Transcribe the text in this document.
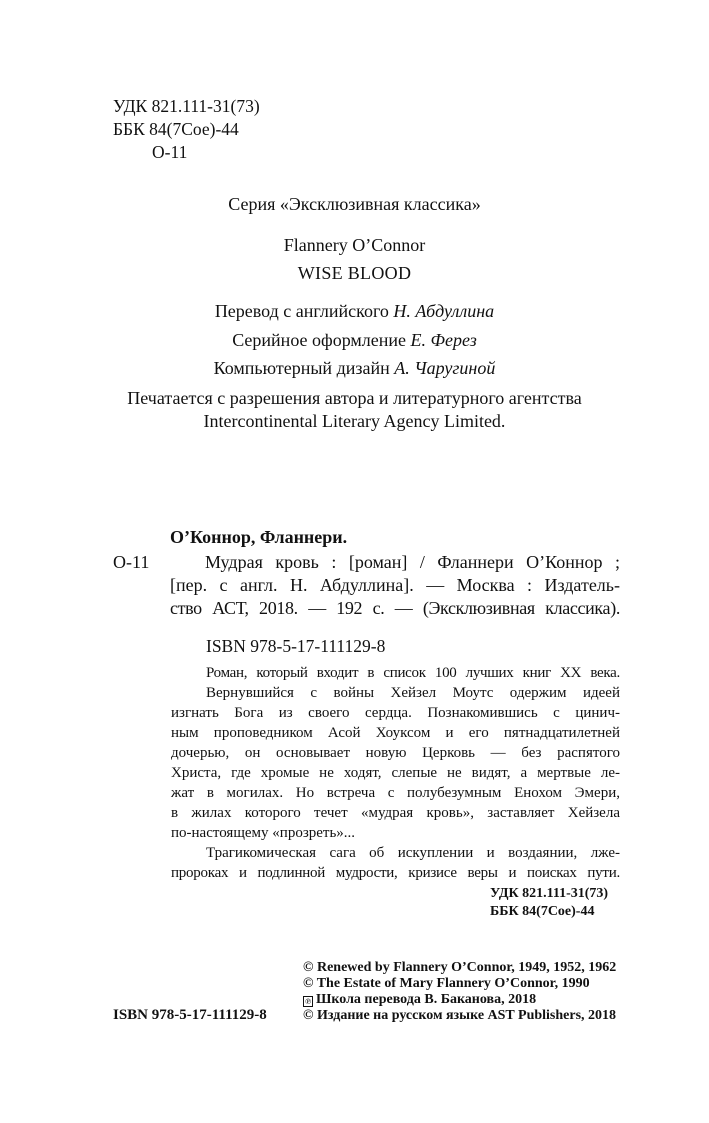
УДК 821.111-31(73)
ББК 84(7Сое)-44
О-11
Серия «Эксклюзивная классика»
Flannery O’Connor
WISE BLOOD
Перевод с английского Н. Абдуллина
Серийное оформление Е. Ферез
Компьютерный дизайн А. Чаругиной
Печатается с разрешения автора и литературного агентства
Intercontinental Literary Agency Limited.
О’Коннор, Фланнери.
О-11	Мудрая кровь : [роман] / Фланнери О’Коннор ;
[пер. с англ. Н. Абдуллина]. — Москва : Издатель-
ство АСТ, 2018. — 192 с. — (Эксклюзивная классика).
ISBN 978-5-17-111129-8
Роман, который входит в список 100 лучших книг XX века.
Вернувшийся с войны Хейзел Моутс одержим идеей
изгнать Бога из своего сердца. Познакомившись с цинич-
ным проповедником Асой Хоуксом и его пятнадцатилетней
дочерью, он основывает новую Церковь — без распятого
Христа, где хромые не ходят, слепые не видят, а мертвые ле-
жат в могилах. Но встреча с полубезумным Енохом Эмери,
в жилах которого течет «мудрая кровь», заставляет Хейзела
по-настоящему «прозреть»...
Трагикомическая сага об искуплении и воздаянии, лже-
пророках и подлинной мудрости, кризисе веры и поисках пути.
УДК 821.111-31(73)
ББК 84(7Сое)-44
ISBN 978-5-17-111129-8
© Renewed by Flannery O’Connor, 1949, 1952, 1962
© The Estate of Mary Flannery O’Connor, 1990
℗ Школа перевода В. Баканова, 2018
© Издание на русском языке AST Publishers, 2018
